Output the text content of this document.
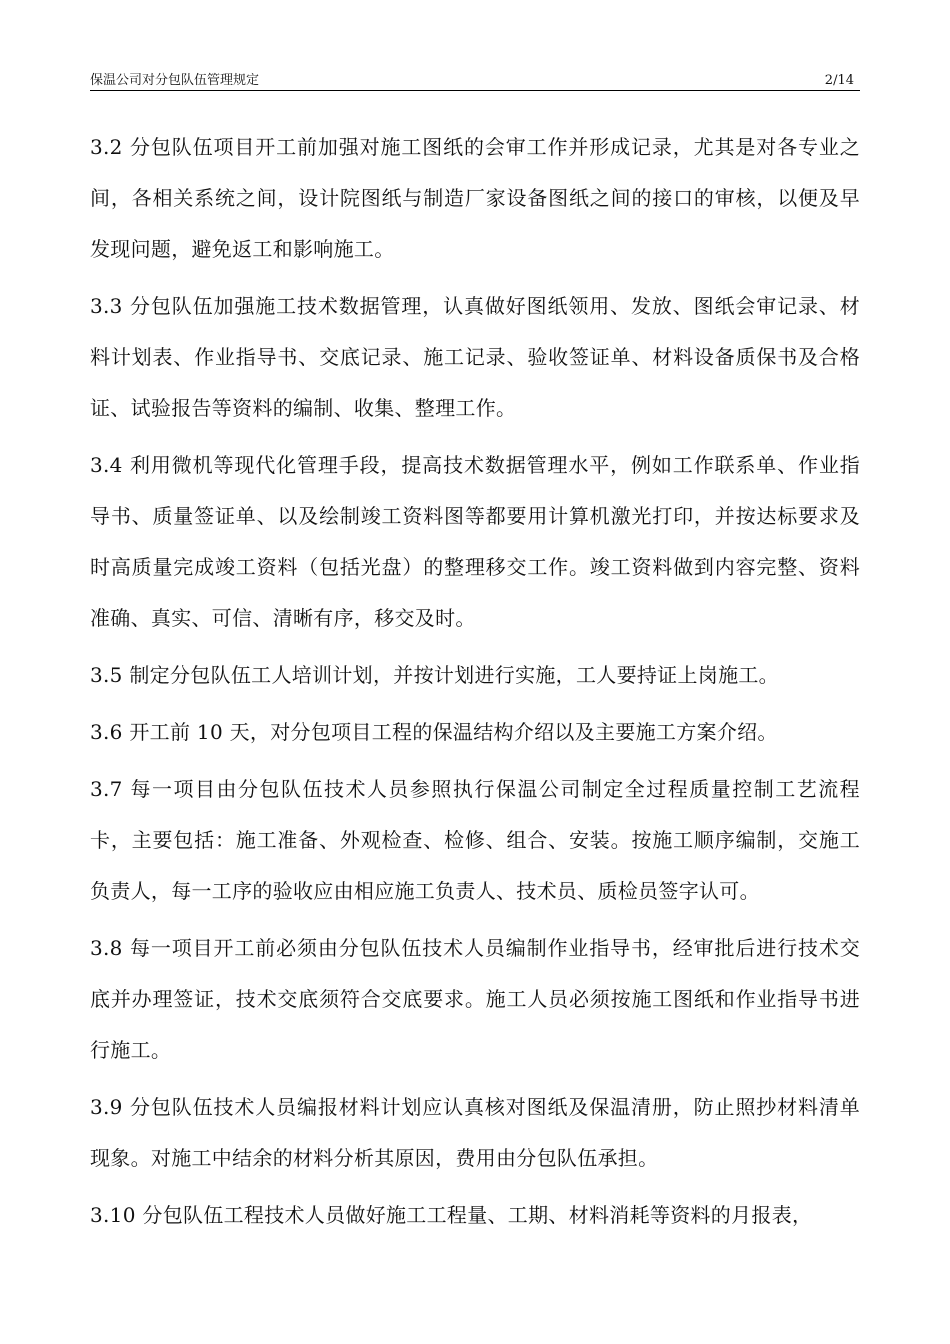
保温公司对分包队伍管理规定	2/14

3.2 分包队伍项目开工前加强对施工图纸的会审工作并形成记录，尤其是对各专业之间，各相关系统之间，设计院图纸与制造厂家设备图纸之间的接口的审核，以便及早发现问题，避免返工和影响施工。

3.3 分包队伍加强施工技术数据管理，认真做好图纸领用、发放、图纸会审记录、材料计划表、作业指导书、交底记录、施工记录、验收签证单、材料设备质保书及合格证、试验报告等资料的编制、收集、整理工作。

3.4 利用微机等现代化管理手段，提高技术数据管理水平，例如工作联系单、作业指导书、质量签证单、以及绘制竣工资料图等都要用计算机激光打印，并按达标要求及时高质量完成竣工资料（包括光盘）的整理移交工作。竣工资料做到内容完整、资料准确、真实、可信、清晰有序，移交及时。

3.5 制定分包队伍工人培训计划，并按计划进行实施，工人要持证上岗施工。

3.6 开工前 10 天，对分包项目工程的保温结构介绍以及主要施工方案介绍。

3.7 每一项目由分包队伍技术人员参照执行保温公司制定全过程质量控制工艺流程卡，主要包括：施工准备、外观检查、检修、组合、安装。按施工顺序编制，交施工负责人，每一工序的验收应由相应施工负责人、技术员、质检员签字认可。

3.8 每一项目开工前必须由分包队伍技术人员编制作业指导书，经审批后进行技术交底并办理签证，技术交底须符合交底要求。施工人员必须按施工图纸和作业指导书进行施工。

3.9 分包队伍技术人员编报材料计划应认真核对图纸及保温清册，防止照抄材料清单现象。对施工中结余的材料分析其原因，费用由分包队伍承担。

3.10 分包队伍工程技术人员做好施工工程量、工期、材料消耗等资料的月报表，
